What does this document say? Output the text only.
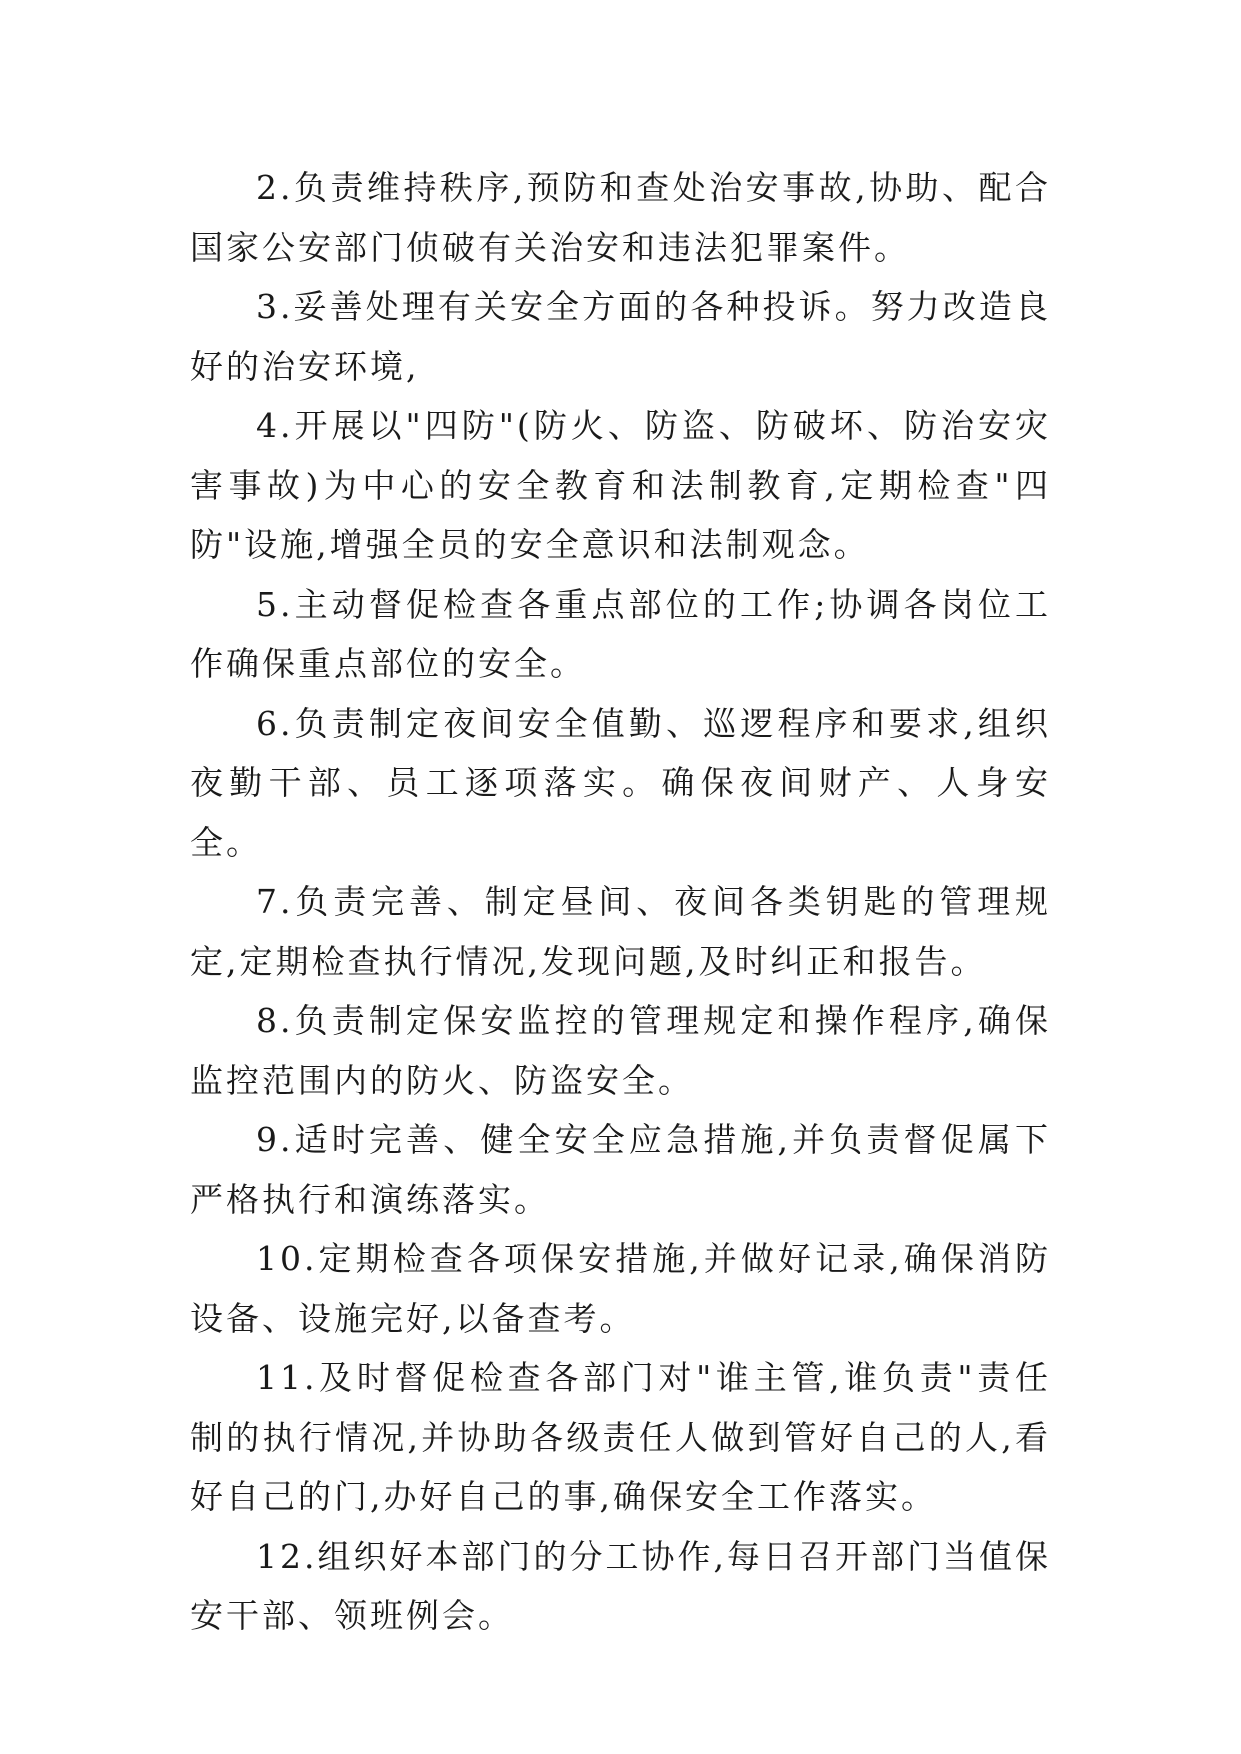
2.负责维持秩序,预防和查处治安事故,协助、配合国家公安部门侦破有关治安和违法犯罪案件。
3.妥善处理有关安全方面的各种投诉。努力改造良好的治安环境,
4.开展以"四防"(防火、防盗、防破坏、防治安灾害事故)为中心的安全教育和法制教育,定期检查"四防"设施,增强全员的安全意识和法制观念。
5.主动督促检查各重点部位的工作;协调各岗位工作确保重点部位的安全。
6.负责制定夜间安全值勤、巡逻程序和要求,组织夜勤干部、员工逐项落实。确保夜间财产、人身安全。
7.负责完善、制定昼间、夜间各类钥匙的管理规定,定期检查执行情况,发现问题,及时纠正和报告。
8.负责制定保安监控的管理规定和操作程序,确保监控范围内的防火、防盗安全。
9.适时完善、健全安全应急措施,并负责督促属下严格执行和演练落实。
10.定期检查各项保安措施,并做好记录,确保消防设备、设施完好,以备查考。
11.及时督促检查各部门对"谁主管,谁负责"责任制的执行情况,并协助各级责任人做到管好自己的人,看好自己的门,办好自己的事,确保安全工作落实。
12.组织好本部门的分工协作,每日召开部门当值保安干部、领班例会。
